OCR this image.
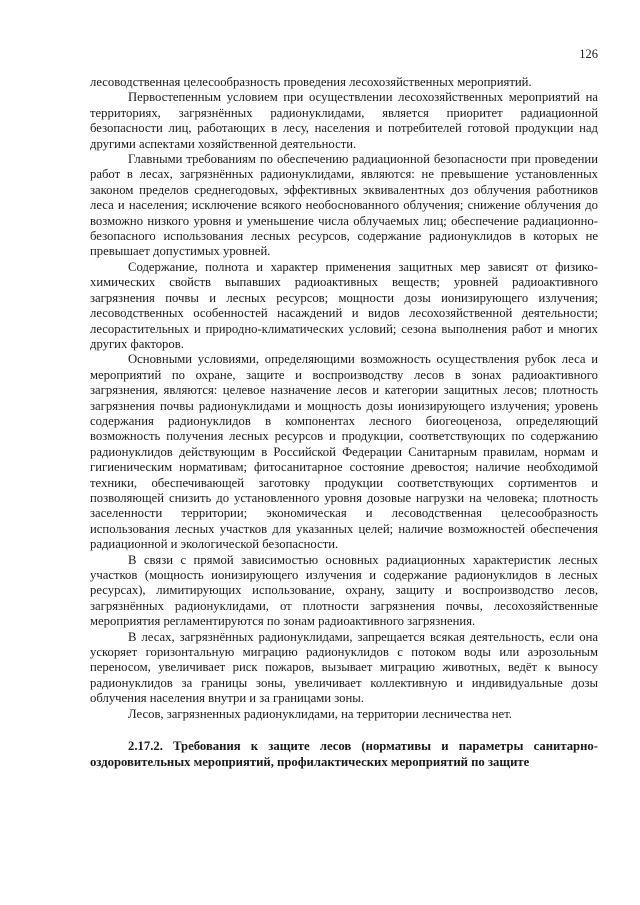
126

лесоводственная целесообразность проведения лесохозяйственных мероприятий.

Первостепенным условием при осуществлении лесохозяйственных мероприятий на территориях, загрязнённых радионуклидами, является приоритет радиационной безопасности лиц, работающих в лесу, населения и потребителей готовой продукции над другими аспектами хозяйственной деятельности.

Главными требованиям по обеспечению радиационной безопасности при проведении работ в лесах, загрязнённых радионуклидами, являются: не превышение установленных законом пределов среднегодовых, эффективных эквивалентных доз облучения работников леса и населения; исключение всякого необоснованного облучения; снижение облучения до возможно низкого уровня и уменьшение числа облучаемых лиц; обеспечение радиационно-безопасного использования лесных ресурсов, содержание радионуклидов в которых не превышает допустимых уровней.

Содержание, полнота и характер применения защитных мер зависят от физико-химических свойств выпавших радиоактивных веществ; уровней радиоактивного загрязнения почвы и лесных ресурсов; мощности дозы ионизирующего излучения; лесоводственных особенностей насаждений и видов лесохозяйственной деятельности; лесорастительных и природно-климатических условий; сезона выполнения работ и многих других факторов.

Основными условиями, определяющими возможность осуществления рубок леса и мероприятий по охране, защите и воспроизводству лесов в зонах радиоактивного загрязнения, являются: целевое назначение лесов и категории защитных лесов; плотность загрязнения почвы радионуклидами и мощность дозы ионизирующего излучения; уровень содержания радионуклидов в компонентах лесного биогеоценоза, определяющий возможность получения лесных ресурсов и продукции, соответствующих по содержанию радионуклидов действующим в Российской Федерации Санитарным правилам, нормам и гигиеническим нормативам; фитосанитарное состояние древостоя; наличие необходимой техники, обеспечивающей заготовку продукции соответствующих сортиментов и позволяющей снизить до установленного уровня дозовые нагрузки на человека; плотность заселенности территории; экономическая и лесоводственная целесообразность использования лесных участков для указанных целей; наличие возможностей обеспечения радиационной и экологической безопасности.

В связи с прямой зависимостью основных радиационных характеристик лесных участков (мощность ионизирующего излучения и содержание радионуклидов в лесных ресурсах), лимитирующих использование, охрану, защиту и воспроизводство лесов, загрязнённых радионуклидами, от плотности загрязнения почвы, лесохозяйственные мероприятия регламентируются по зонам радиоактивного загрязнения.

В лесах, загрязнённых радионуклидами, запрещается всякая деятельность, если она ускоряет горизонтальную миграцию радионуклидов с потоком воды или аэрозольным переносом, увеличивает риск пожаров, вызывает миграцию животных, ведёт к выносу радионуклидов за границы зоны, увеличивает коллективную и индивидуальные дозы облучения населения внутри и за границами зоны.

Лесов, загрязненных радионуклидами, на территории лесничества нет.

2.17.2. Требования к защите лесов (нормативы и параметры санитарно-оздоровительных мероприятий, профилактических мероприятий по защите
